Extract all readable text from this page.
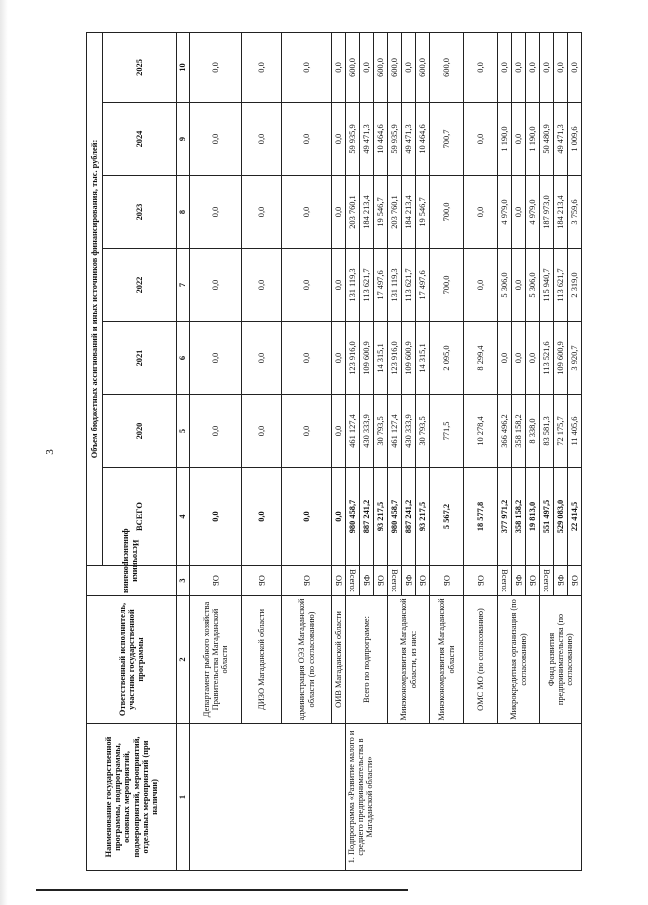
3
Наименование государственной программы, подпрограммы, основных мероприятий, подмероприятий, мероприятий, отдельных мероприятий (при наличии)	Ответственный исполнитель, участник государственной программы	Источники финансирования	Объем бюджетных ассигнований и иных источников финансирования, тыс. рублей:						
			ВСЕГО	2020	2021	2022	2023	2024	2025
1	2	3	4	5	6	7	8	9	10
	Департамент рыбного хозяйства Правительства Магаданской области	ОБ	0,0	0,0	0,0	0,0	0,0	0,0	0,0
	ДИЗО Магаданской области	ОБ	0,0	0,0	0,0	0,0	0,0	0,0	0,0
	администрация ОЭЗ Магаданской области (по согласованию)	ОБ	0,0	0,0	0,0	0,0	0,0	0,0	0,0
	ОИВ Магаданской области	ОБ	0,0	0,0	0,0	0,0	0,0	0,0	0,0
1. Подпрограмма «Развитие малого и среднего предпринимательства в Магаданской области»	Всего по подпрограмме:	Всего:	980 458,7	461 127,4	123 916,0	131 119,3	203 760,1	59 935,9	600,0
		ФБ	887 241,2	430 333,9	109 600,9	113 621,7	184 213,4	49 471,3	0,0
		ОБ	93 217,5	30 793,5	14 315,1	17 497,6	19 546,7	10 464,6	600,0
	Минэкономразвития Магаданской области, из них:	Всего:	980 458,7	461 127,4	123 916,0	131 119,3	203 760,1	59 935,9	600,0
		ФБ	887 241,2	430 333,9	109 600,9	113 621,7	184 213,4	49 471,3	0,0
		ОБ	93 217,5	30 793,5	14 315,1	17 497,6	19 546,7	10 464,6	600,0
	Минэкономразвития Магаданской области	ОБ	5 567,2	771,5	2 095,0	700,0	700,0	700,7	600,0
	ОМС МО (по согласованию)	ОБ	18 577,8	10 278,4	8 299,4	0,0	0,0	0,0	0,0
	Микрокредитная организация (по согласованию)	Всего:	377 971,2	366 496,2	0,0	5 306,0	4 979,0	1 190,0	0,0
		ФБ	358 158,2	358 158,2	0,0	0,0	0,0	0,0	0,0
		ОБ	19 813,0	8 338,0	0,0	5 306,0	4 979,0	1 190,0	0,0
	Фонд развития предпринимательства (по согласованию)	Всего:	551 497,5	83 581,3	113 521,6	115 940,7	187 973,0	50 480,9	0,0
		ФБ	529 083,0	72 175,7	109 600,9	113 621,7	184 213,4	49 471,3	0,0
		ОБ	22 414,5	11 405,6	3 920,7	2 319,0	3 759,6	1 009,6	0,0
